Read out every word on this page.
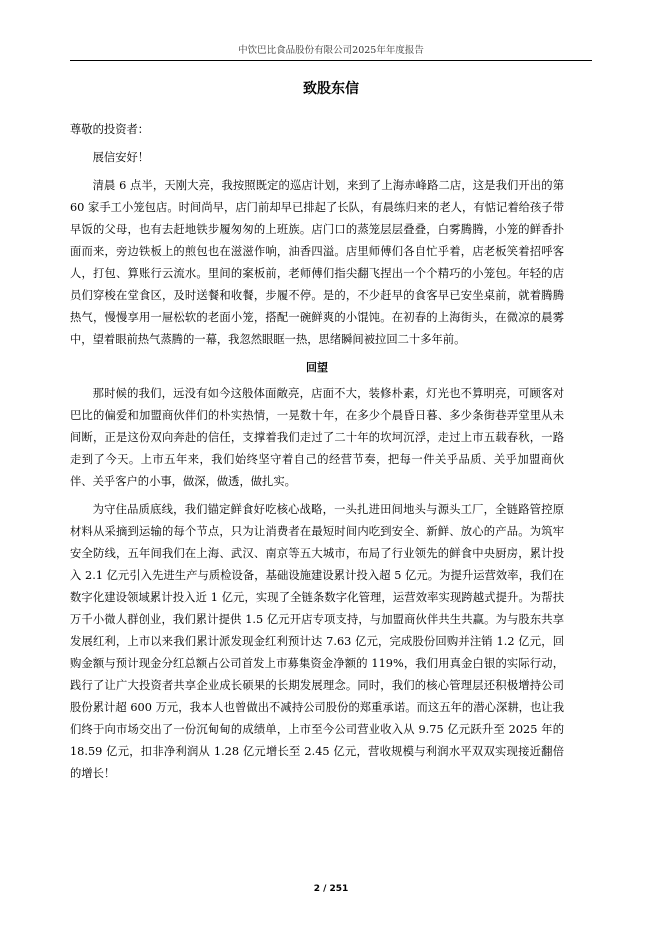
中饮巴比食品股份有限公司2025年年度报告
致股东信

尊敬的投资者：

展信安好！

清晨 6 点半，天刚大亮，我按照既定的巡店计划，来到了上海赤峰路二店，这是我们开出的第 60 家手工小笼包店。时间尚早，店门前却早已排起了长队，有晨练归来的老人，有惦记着给孩子带早饭的父母，也有去赶地铁步履匆匆的上班族。店门口的蒸笼层层叠叠，白雾腾腾，小笼的鲜香扑面而来，旁边铁板上的煎包也在滋滋作响，油香四溢。店里师傅们各自忙乎着，店老板笑着招呼客人，打包、算账行云流水。里间的案板前，老师傅们指尖翻飞捏出一个个精巧的小笼包。年轻的店员们穿梭在堂食区，及时送餐和收餐，步履不停。是的，不少赶早的食客早已安坐桌前，就着腾腾热气，慢慢享用一屉松软的老面小笼，搭配一碗鲜爽的小馄饨。在初春的上海街头，在微凉的晨雾中，望着眼前热气蒸腾的一幕，我忽然眼眶一热，思绪瞬间被拉回二十多年前。

回望

那时候的我们，远没有如今这般体面敞亮，店面不大，装修朴素，灯光也不算明亮，可顾客对巴比的偏爱和加盟商伙伴们的朴实热情，一晃数十年，在多少个晨昏日暮、多少条街巷弄堂里从未间断，正是这份双向奔赴的信任，支撑着我们走过了二十年的坎坷沉浮，走过上市五载春秋，一路走到了今天。上市五年来，我们始终坚守着自己的经营节奏，把每一件关乎品质、关乎加盟商伙伴、关乎客户的小事，做深，做透，做扎实。

为守住品质底线，我们锚定鲜食好吃核心战略，一头扎进田间地头与源头工厂，全链路管控原材料从采摘到运输的每个节点，只为让消费者在最短时间内吃到安全、新鲜、放心的产品。为筑牢安全防线，五年间我们在上海、武汉、南京等五大城市，布局了行业领先的鲜食中央厨房，累计投入 2.1 亿元引入先进生产与质检设备，基础设施建设累计投入超 5 亿元。为提升运营效率，我们在数字化建设领域累计投入近 1 亿元，实现了全链条数字化管理，运营效率实现跨越式提升。为帮扶万千小微人群创业，我们累计提供 1.5 亿元开店专项支持，与加盟商伙伴共生共赢。为与股东共享发展红利，上市以来我们累计派发现金红利预计达 7.63 亿元，完成股份回购并注销 1.2 亿元，回购金额与预计现金分红总额占公司首发上市募集资金净额的 119%，我们用真金白银的实际行动，践行了让广大投资者共享企业成长硕果的长期发展理念。同时，我们的核心管理层还积极增持公司股份累计超 600 万元，我本人也曾做出不减持公司股份的郑重承诺。而这五年的潜心深耕，也让我们终于向市场交出了一份沉甸甸的成绩单，上市至今公司营业收入从 9.75 亿元跃升至 2025 年的 18.59 亿元，扣非净利润从 1.28 亿元增长至 2.45 亿元，营收规模与利润水平双双实现接近翻倍的增长！

2 / 251
